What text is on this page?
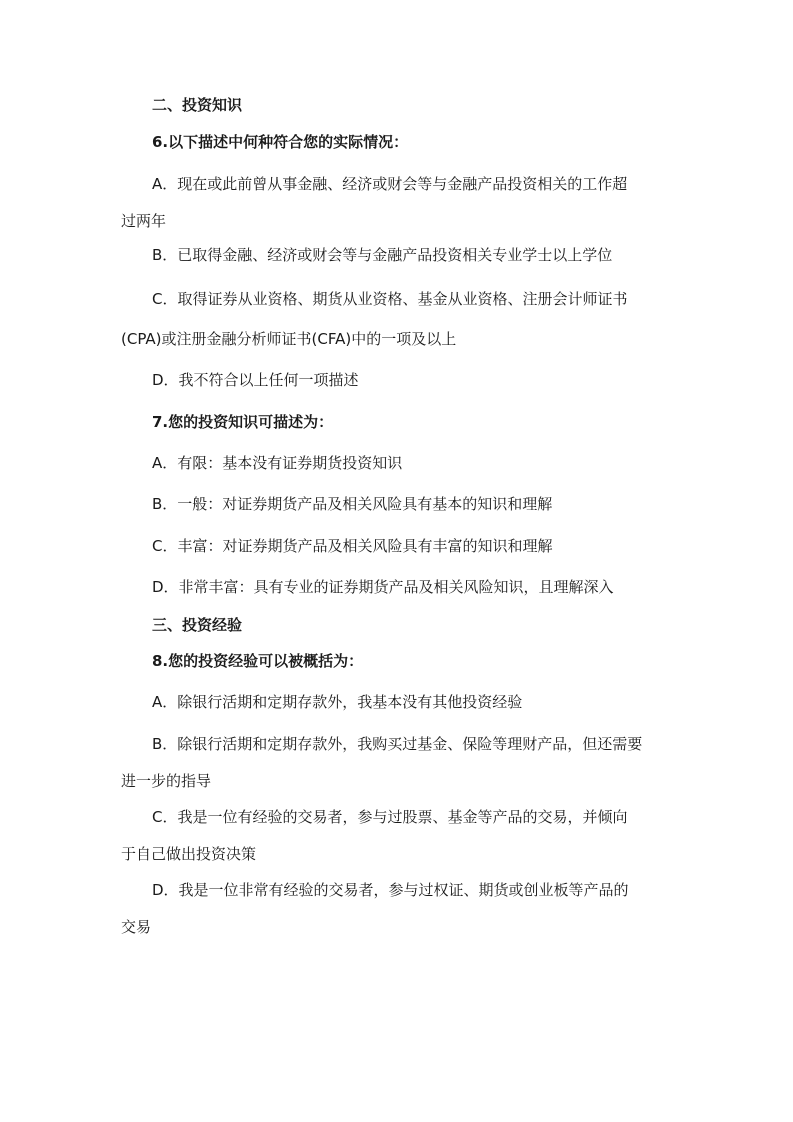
二、投资知识
6.以下描述中何种符合您的实际情况：
A．现在或此前曾从事金融、经济或财会等与金融产品投资相关的工作超
过两年
B．已取得金融、经济或财会等与金融产品投资相关专业学士以上学位
C．取得证券从业资格、期货从业资格、基金从业资格、注册会计师证书
(CPA)或注册金融分析师证书(CFA)中的一项及以上
D．我不符合以上任何一项描述
7.您的投资知识可描述为：
A．有限：基本没有证券期货投资知识
B．一般：对证券期货产品及相关风险具有基本的知识和理解
C．丰富：对证券期货产品及相关风险具有丰富的知识和理解
D．非常丰富：具有专业的证券期货产品及相关风险知识，且理解深入
三、投资经验
8.您的投资经验可以被概括为：
A．除银行活期和定期存款外，我基本没有其他投资经验
B．除银行活期和定期存款外，我购买过基金、保险等理财产品，但还需要
进一步的指导
C．我是一位有经验的交易者，参与过股票、基金等产品的交易，并倾向
于自己做出投资决策
D．我是一位非常有经验的交易者，参与过权证、期货或创业板等产品的
交易
